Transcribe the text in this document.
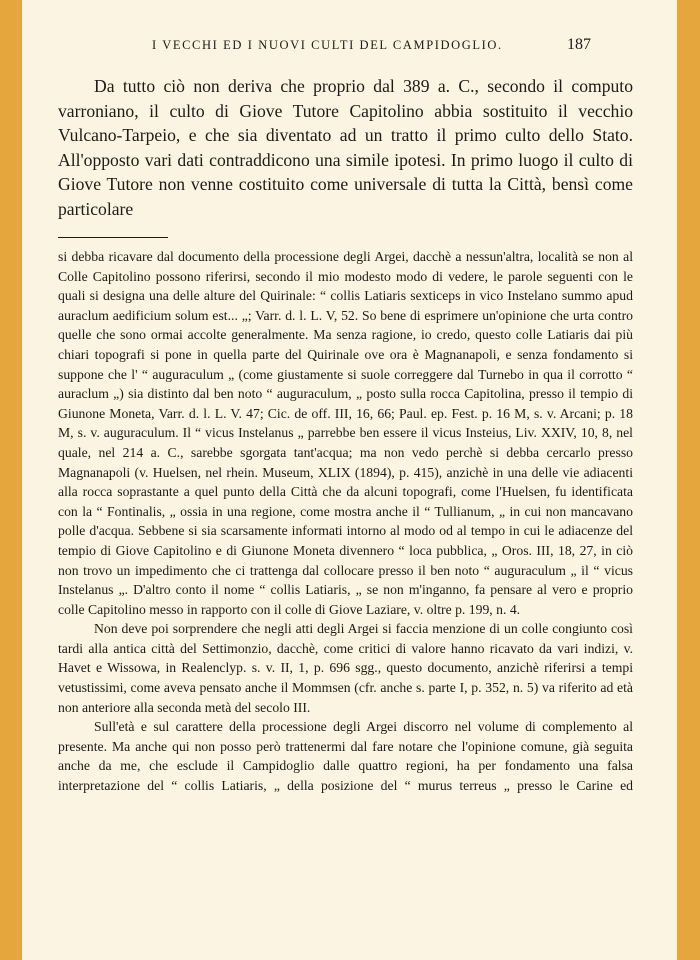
I VECCHI ED I NUOVI CULTI DEL CAMPIDOGLIO.	187

Da tutto ciò non deriva che proprio dal 389 a. C., secondo il computo varroniano, il culto di Giove Tutore Capitolino abbia sostituito il vecchio Vulcano-Tarpeio, e che sia diventato ad un tratto il primo culto dello Stato. All'opposto vari dati contraddicono una simile ipotesi. In primo luogo il culto di Giove Tutore non venne costituito come universale di tutta la Città, bensì come particolare

si debba ricavare dal documento della processione degli Argei, dacchè a nessun'altra, località se non al Colle Capitolino possono riferirsi, secondo il mio modesto modo di vedere, le parole seguenti con le quali si designa una delle alture del Quirinale: “ collis Latiaris sexticeps in vico Instelano summo apud auraclum aedificium solum est... „; Varr. d. l. L. V, 52. So bene di esprimere un'opinione che urta contro quelle che sono ormai accolte generalmente. Ma senza ragione, io credo, questo colle Latiaris dai più chiari topografi si pone in quella parte del Quirinale ove ora è Magnanapoli, e senza fondamento si suppone che l' “ auguraculum „ (come giustamente si suole correggere dal Turnebo in qua il corrotto “ auraclum „) sia distinto dal ben noto “ auguraculum, „ posto sulla rocca Capitolina, presso il tempio di Giunone Moneta, Varr. d. l. L. V. 47; Cic. de off. III, 16, 66; Paul. ep. Fest. p. 16 M, s. v. Arcani; p. 18 M, s. v. auguraculum. Il “ vicus Instelanus „ parrebbe ben essere il vicus Insteius, Liv. XXIV, 10, 8, nel quale, nel 214 a. C., sarebbe sgorgata tant'acqua; ma non vedo perchè si debba cercarlo presso Magnanapoli (v. Huelsen, nel rhein. Museum, XLIX (1894), p. 415), anzichè in una delle vie adiacenti alla rocca soprastante a quel punto della Città che da alcuni topografi, come l'Huelsen, fu identificata con la “ Fontinalis, „ ossia in una regione, come mostra anche il “ Tullianum, „ in cui non mancavano polle d'acqua. Sebbene si sia scarsamente informati intorno al modo od al tempo in cui le adiacenze del tempio di Giove Capitolino e di Giunone Moneta divennero “ loca pubblica, „ Oros. III, 18, 27, in ciò non trovo un impedimento che ci trattenga dal collocare presso il ben noto “ auguraculum „ il “ vicus Instelanus „. D'altro conto il nome “ collis Latiaris, „ se non m'inganno, fa pensare al vero e proprio colle Capitolino messo in rapporto con il colle di Giove Laziare, v. oltre p. 199, n. 4.

Non deve poi sorprendere che negli atti degli Argei si faccia menzione di un colle congiunto così tardi alla antica città del Settimonzio, dacchè, come critici di valore hanno ricavato da vari indizi, v. Havet e Wissowa, in Realenclyp. s. v. II, 1, p. 696 sgg., questo documento, anzichè riferirsi a tempi vetustissimi, come aveva pensato anche il Mommsen (cfr. anche s. parte I, p. 352, n. 5) va riferito ad età non anteriore alla seconda metà del secolo III.

Sull'età e sul carattere della processione degli Argei discorro nel volume di complemento al presente. Ma anche qui non posso però trattenermi dal fare notare che l'opinione comune, già seguita anche da me, che esclude il Campidoglio dalle quattro regioni, ha per fondamento una falsa interpretazione del “ collis Latiaris, „ della posizione del “ murus terreus „ presso le Carine ed
